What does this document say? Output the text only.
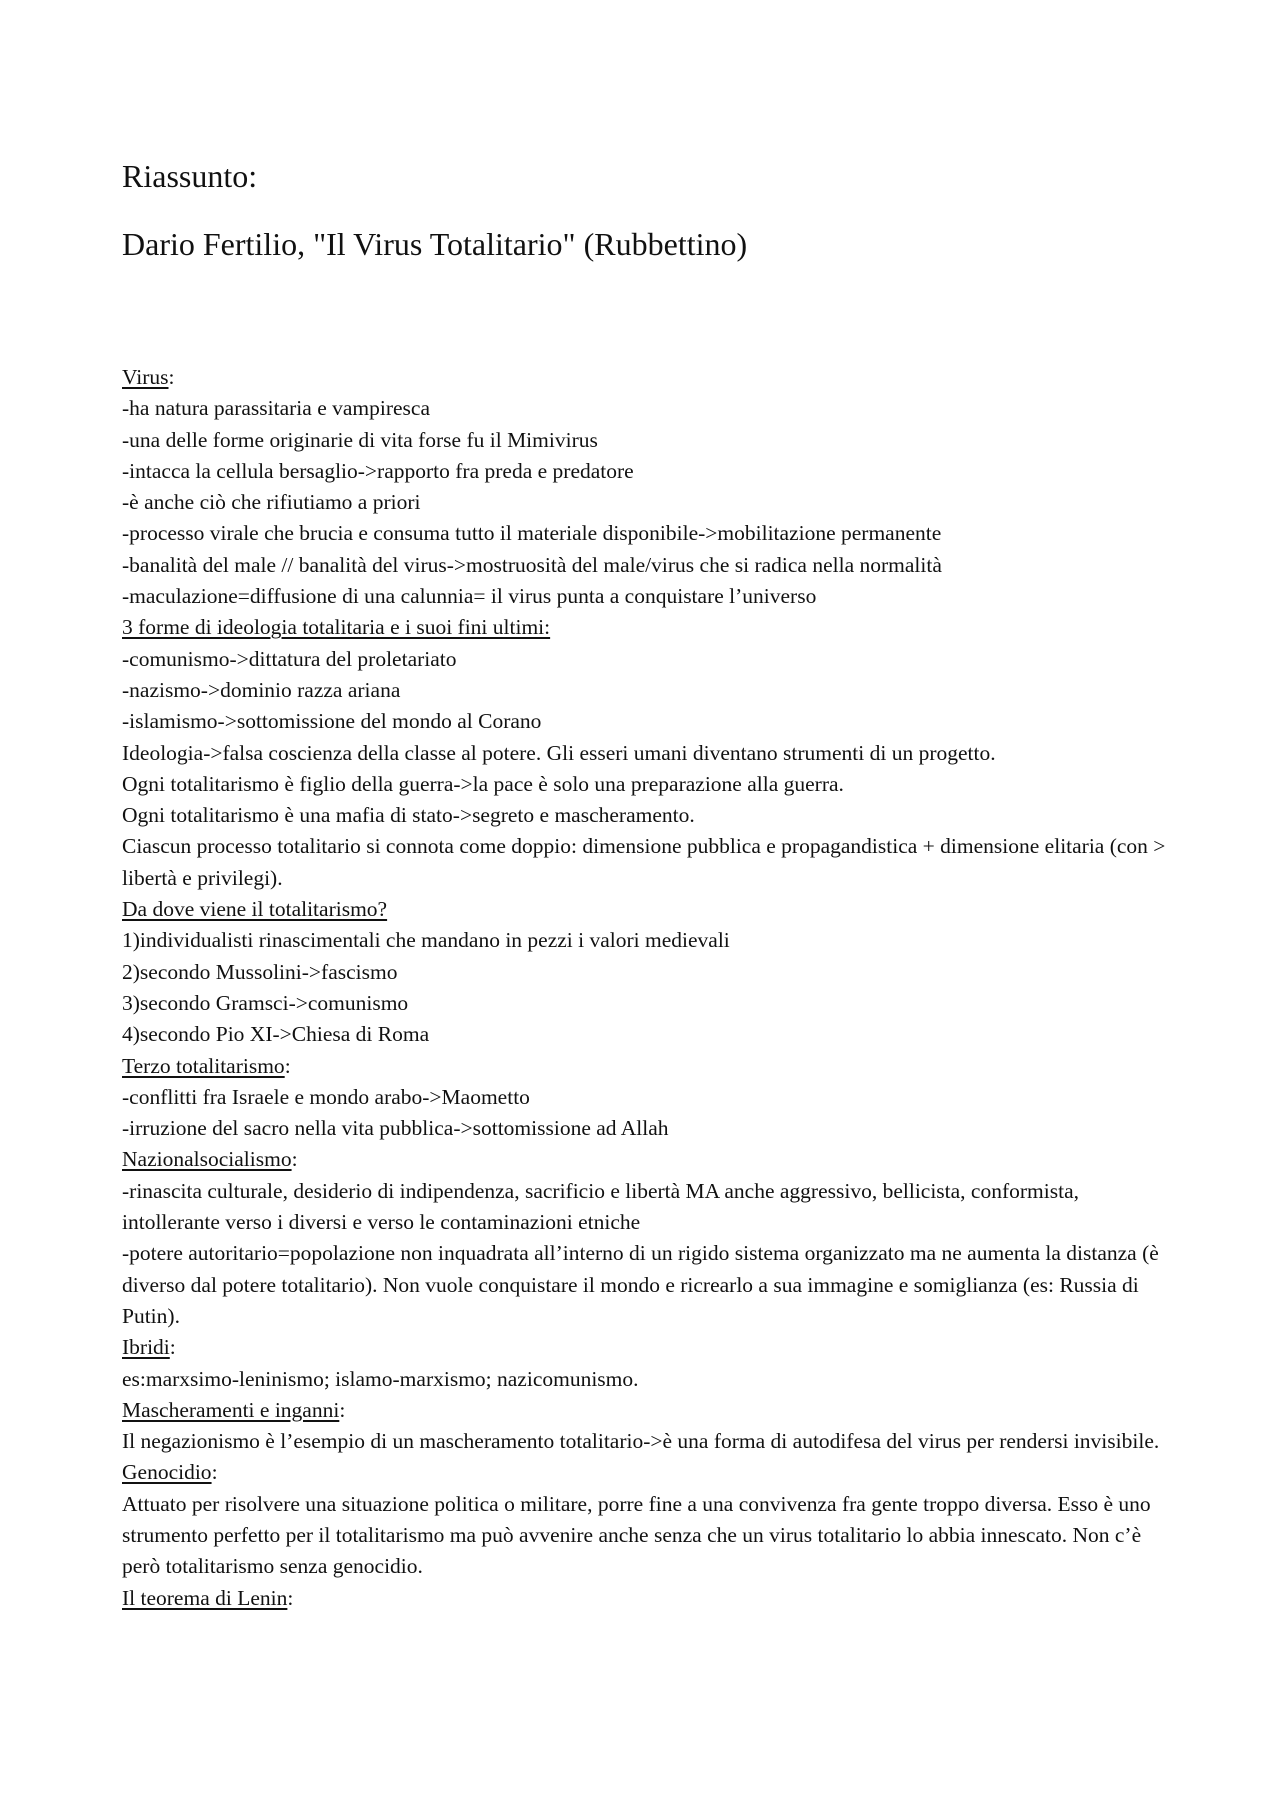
Riassunto:
Dario Fertilio, "Il Virus Totalitario" (Rubbettino)

Virus:

-ha natura parassitaria e vampiresca

-una delle forme originarie di vita forse fu il Mimivirus

-intacca la cellula bersaglio->rapporto fra preda e predatore

-è anche ciò che rifiutiamo a priori

-processo virale che brucia e consuma tutto il materiale disponibile->mobilitazione permanente

-banalità del male // banalità del virus->mostruosità del male/virus che si radica nella normalità

-maculazione=diffusione di una calunnia= il virus punta a conquistare l’universo

3 forme di ideologia totalitaria e i suoi fini ultimi:

-comunismo->dittatura del proletariato

-nazismo->dominio razza ariana

-islamismo->sottomissione del mondo al Corano

Ideologia->falsa coscienza della classe al potere. Gli esseri umani diventano strumenti di un progetto.

Ogni totalitarismo è figlio della guerra->la pace è solo una preparazione alla guerra.

Ogni totalitarismo è una mafia di stato->segreto e mascheramento.

Ciascun processo totalitario si connota come doppio: dimensione pubblica e propagandistica + dimensione elitaria (con > libertà e privilegi).

Da dove viene il totalitarismo?

1)individualisti rinascimentali che mandano in pezzi i valori medievali

2)secondo Mussolini->fascismo

3)secondo Gramsci->comunismo

4)secondo Pio XI->Chiesa di Roma

Terzo totalitarismo:

-conflitti fra Israele e mondo arabo->Maometto

-irruzione del sacro nella vita pubblica->sottomissione ad Allah

Nazionalsocialismo:

-rinascita culturale, desiderio di indipendenza, sacrificio e libertà MA anche aggressivo, bellicista, conformista, intollerante verso i diversi e verso le contaminazioni etniche

-potere autoritario=popolazione non inquadrata all’interno di un rigido sistema organizzato ma ne aumenta la distanza (è diverso dal potere totalitario). Non vuole conquistare il mondo e ricrearlo a sua immagine e somiglianza (es: Russia di Putin).

Ibridi:

es:marxsimo-leninismo; islamo-marxismo; nazicomunismo.

Mascheramenti e inganni:

Il negazionismo è l’esempio di un mascheramento totalitario->è una forma di autodifesa del virus per rendersi invisibile.

Genocidio:

Attuato per risolvere una situazione politica o militare, porre fine a una convivenza fra gente troppo diversa. Esso è uno strumento perfetto per il totalitarismo ma può avvenire anche senza che un virus totalitario lo abbia innescato. Non c’è però totalitarismo senza genocidio.

Il teorema di Lenin:
